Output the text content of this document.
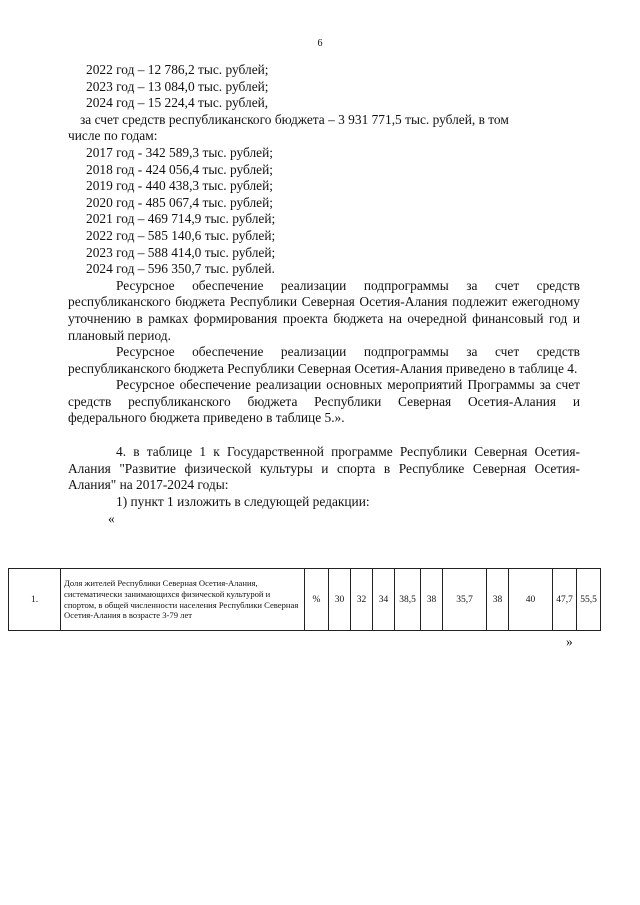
6
2022 год – 12 786,2 тыс. рублей;
2023 год – 13 084,0 тыс. рублей;
2024 год – 15 224,4 тыс. рублей,
за счет средств республиканского бюджета – 3 931 771,5 тыс. рублей, в том
числе по годам:
2017 год - 342 589,3 тыс. рублей;
2018 год - 424 056,4 тыс. рублей;
2019 год - 440 438,3 тыс. рублей;
2020 год - 485 067,4 тыс. рублей;
2021 год – 469 714,9 тыс. рублей;
2022 год – 585 140,6 тыс. рублей;
2023 год – 588 414,0 тыс. рублей;
2024 год – 596 350,7 тыс. рублей.
Ресурсное обеспечение реализации подпрограммы за счет средств республиканского бюджета Республики Северная Осетия-Алания подлежит ежегодному уточнению в рамках формирования проекта бюджета на очередной финансовый год и плановый период.
Ресурсное обеспечение реализации подпрограммы за счет средств республиканского бюджета Республики Северная Осетия-Алания приведено в таблице 4.
Ресурсное обеспечение реализации основных мероприятий Программы за счет средств республиканского бюджета Республики Северная Осетия-Алания и федерального бюджета приведено в таблице 5.».
4. в таблице 1 к Государственной программе Республики Северная Осетия-Алания "Развитие физической культуры и спорта в Республике Северная Осетия-Алания" на 2017-2024 годы:
1) пункт 1 изложить в следующей редакции:
«
1.	Доля жителей Республики Северная Осетия-Алания, систематически занимающихся физической культурой и спортом, в общей численности населения Республики Северная Осетия-Алания в возрасте 3-79 лет	%	30	32	34	38,5	38	35,7	38	40	47,7	55,5
»
